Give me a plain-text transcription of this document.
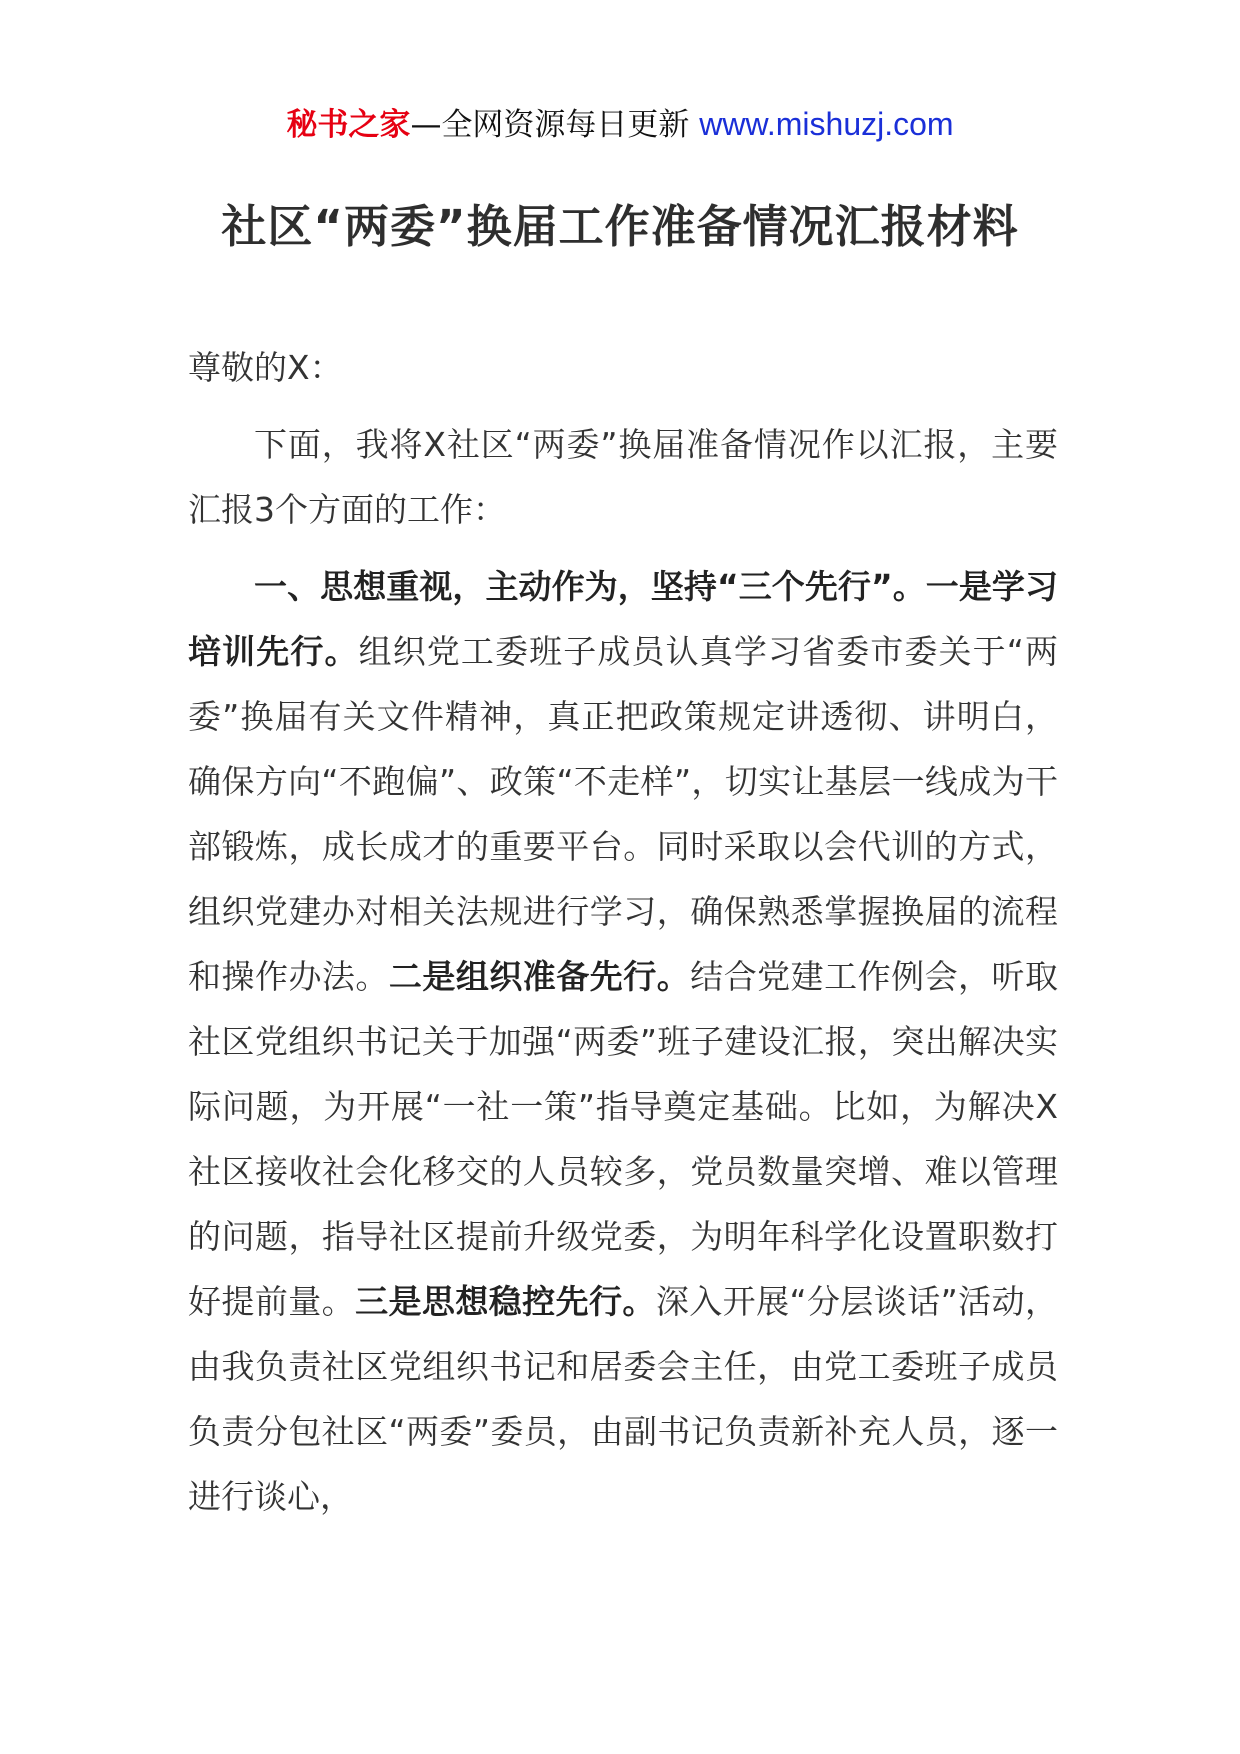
秘书之家—全网资源每日更新 www.mishuzj.com
社区“两委”换届工作准备情况汇报材料

尊敬的X：

下面，我将X社区“两委”换届准备情况作以汇报，主要汇报3个方面的工作：

一、思想重视，主动作为，坚持“三个先行”。一是学习培训先行。组织党工委班子成员认真学习省委市委关于“两委”换届有关文件精神，真正把政策规定讲透彻、讲明白，确保方向“不跑偏”、政策“不走样”，切实让基层一线成为干部锻炼，成长成才的重要平台。同时采取以会代训的方式，组织党建办对相关法规进行学习，确保熟悉掌握换届的流程和操作办法。二是组织准备先行。结合党建工作例会，听取社区党组织书记关于加强“两委”班子建设汇报，突出解决实际问题，为开展“一社一策”指导奠定基础。比如，为解决X社区接收社会化移交的人员较多，党员数量突增、难以管理的问题，指导社区提前升级党委，为明年科学化设置职数打好提前量。三是思想稳控先行。深入开展“分层谈话”活动，由我负责社区党组织书记和居委会主任，由党工委班子成员负责分包社区“两委”委员，由副书记负责新补充人员，逐一进行谈心，
